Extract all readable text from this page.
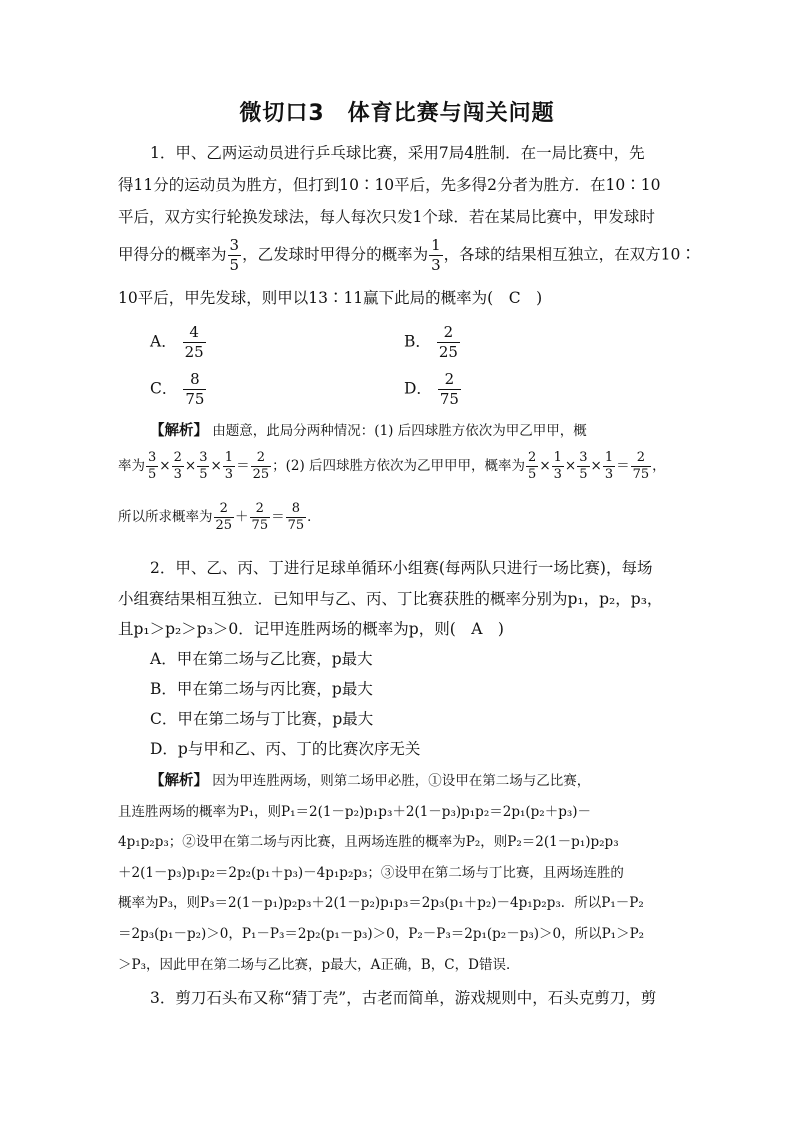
微切口3　体育比赛与闯关问题
1．甲、乙两运动员进行乒乓球比赛，采用7局4胜制．在一局比赛中，先
得11分的运动员为胜方，但打到10∶10平后，先多得2分者为胜方．在10∶10
平后，双方实行轮换发球法，每人每次只发1个球．若在某局比赛中，甲发球时
甲得分的概率为 $\frac{3}{5}$ ，乙发球时甲得分的概率为 $\frac{1}{3}$ ，各球的结果相互独立，在双方10∶
10平后，甲先发球，则甲以13∶11赢下此局的概率为(　C　)
A． $\frac{4}{25}$	B． $\frac{2}{25}$
C． $\frac{8}{75}$	D． $\frac{2}{75}$
【解析】 由题意，此局分两种情况：(1) 后四球胜方依次为甲乙甲甲，概
率为 $\frac{3}{5} \times \frac{2}{3} \times \frac{3}{5} \times \frac{1}{3} = \frac{2}{25}$ ；(2) 后四球胜方依次为乙甲甲甲，概率为 $\frac{2}{5} \times \frac{1}{3} \times \frac{3}{5} \times \frac{1}{3} = \frac{2}{75}$ ，
所以所求概率为 $\frac{2}{25} + \frac{2}{75} = \frac{8}{75}$ ．
2．甲、乙、丙、丁进行足球单循环小组赛(每两队只进行一场比赛)，每场
小组赛结果相互独立．已知甲与乙、丙、丁比赛获胜的概率分别为p₁，p₂，p₃，
且p₁＞p₂＞p₃＞0．记甲连胜两场的概率为p，则(　A　)
A．甲在第二场与乙比赛，p最大
B．甲在第二场与丙比赛，p最大
C．甲在第二场与丁比赛，p最大
D．p与甲和乙、丙、丁的比赛次序无关
【解析】 因为甲连胜两场，则第二场甲必胜，①设甲在第二场与乙比赛，
且连胜两场的概率为P₁，则P₁＝2(1－p₂)p₁p₃＋2(1－p₃)p₁p₂＝2p₁(p₂＋p₃)－
4p₁p₂p₃；②设甲在第二场与丙比赛，且两场连胜的概率为P₂，则P₂＝2(1－p₁)p₂p₃
＋2(1－p₃)p₁p₂＝2p₂(p₁＋p₃)－4p₁p₂p₃；③设甲在第二场与丁比赛，且两场连胜的
概率为P₃，则P₃＝2(1－p₁)p₂p₃＋2(1－p₂)p₁p₃＝2p₃(p₁＋p₂)－4p₁p₂p₃．所以P₁－P₂
＝2p₃(p₁－p₂)＞0，P₁－P₃＝2p₂(p₁－p₃)＞0，P₂－P₃＝2p₁(p₂－p₃)＞0，所以P₁＞P₂
＞P₃，因此甲在第二场与乙比赛，p最大，A正确，B，C，D错误．
3．剪刀石头布又称“猜丁壳”，古老而简单，游戏规则中，石头克剪刀，剪
